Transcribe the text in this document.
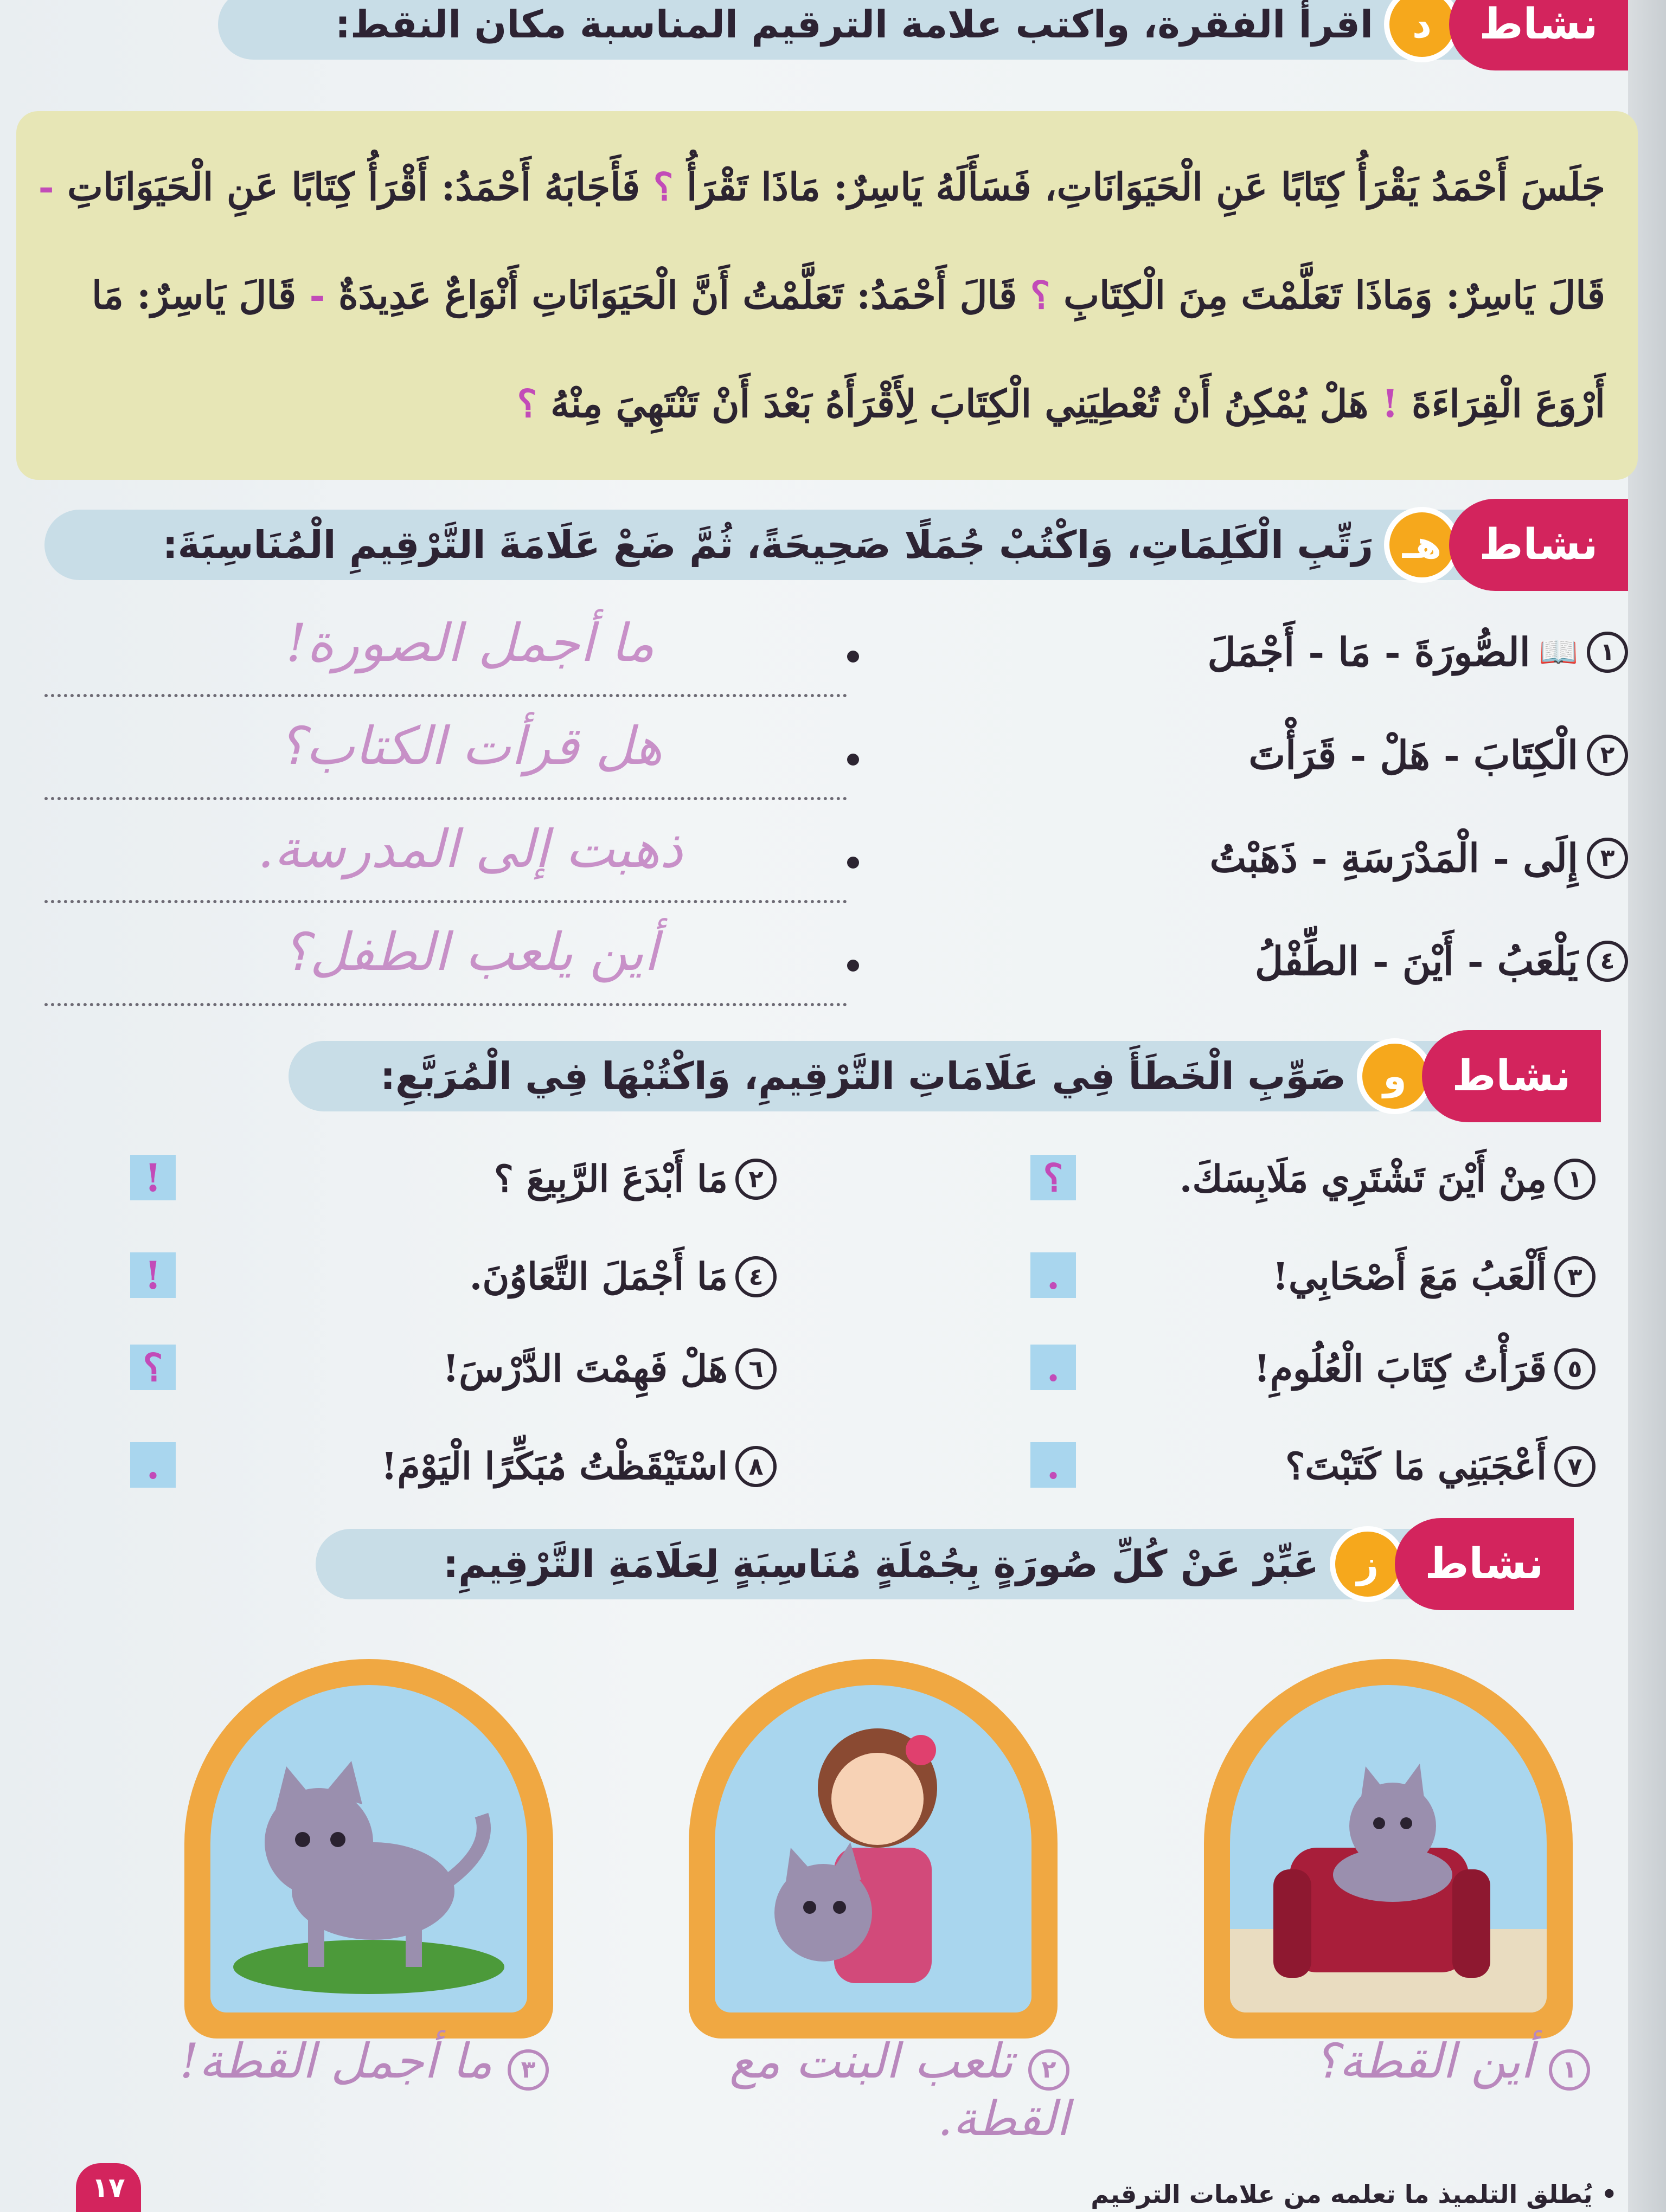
اقرأ الفقرة، واكتب علامة الترقيم المناسبة مكان النقط:	د	نشاط
جَلَسَ أَحْمَدُ يَقْرَأُ كِتَابًا عَنِ الْحَيَوَانَاتِ، فَسَأَلَهُ يَاسِرٌ: مَاذَا تَقْرَأُ ؟ فَأَجَابَهُ أَحْمَدُ: أَقْرَأُ كِتَابًا عَنِ الْحَيَوَانَاتِ - قَالَ يَاسِرٌ: وَمَاذَا تَعَلَّمْتَ مِنَ الْكِتَابِ ؟ قَالَ أَحْمَدُ: تَعَلَّمْتُ أَنَّ الْحَيَوَانَاتِ أَنْوَاعٌ عَدِيدَةٌ - قَالَ يَاسِرٌ: مَا أَرْوَعَ الْقِرَاءَةَ ! هَلْ يُمْكِنُ أَنْ تُعْطِيَنِي الْكِتَابَ لِأَقْرَأَهُ بَعْدَ أَنْ تَنْتَهِيَ مِنْهُ ؟
رَتِّبِ الْكَلِمَاتِ، وَاكْتُبْ جُمَلًا صَحِيحَةً، ثُمَّ ضَعْ عَلَامَةَ التَّرْقِيمِ الْمُنَاسِبَةَ: هـ نشاط
١
📖
الصُّورَةَ - مَا - أَجْمَلَ
ما أجمل الصورة!
٢
الْكِتَابَ - هَلْ - قَرَأْتَ
هل قرأت الكتاب؟
٣
إِلَى - الْمَدْرَسَةِ - ذَهَبْتُ
ذهبت إلى المدرسة.
٤
يَلْعَبُ - أَيْنَ - الطِّفْلُ
أين يلعب الطفل؟
صَوِّبِ الْخَطَأَ فِي عَلَامَاتِ التَّرْقِيمِ، وَاكْتُبْهَا فِي الْمُرَبَّعِ: و	نشاط
١
مِنْ أَيْنَ تَشْتَرِي مَلَابِسَكَ.
؟
٣
أَلْعَبُ مَعَ أَصْحَابِي!
.
٥
قَرَأْتُ كِتَابَ الْعُلُومِ!
.
٧
أَعْجَبَنِي مَا كَتَبْتَ؟
.
٢
مَا أَبْدَعَ الرَّبِيعَ ؟
!
٤
مَا أَجْمَلَ التَّعَاوُنَ.
!
٦
هَلْ فَهِمْتَ الدَّرْسَ!
؟
٨
اسْتَيْقَظْتُ مُبَكِّرًا الْيَوْمَ!
.
عَبِّرْ عَنْ كُلِّ صُورَةٍ بِجُمْلَةٍ مُنَاسِبَةٍ لِعَلَامَةِ التَّرْقِيمِ: ز	نشاط
١ أين القطة؟
٢ تلعب البنت مع القطة.
٣ ما أجمل القطة!
١٧	• يُطلق التلميذ ما تعلمه من علامات الترقيم
